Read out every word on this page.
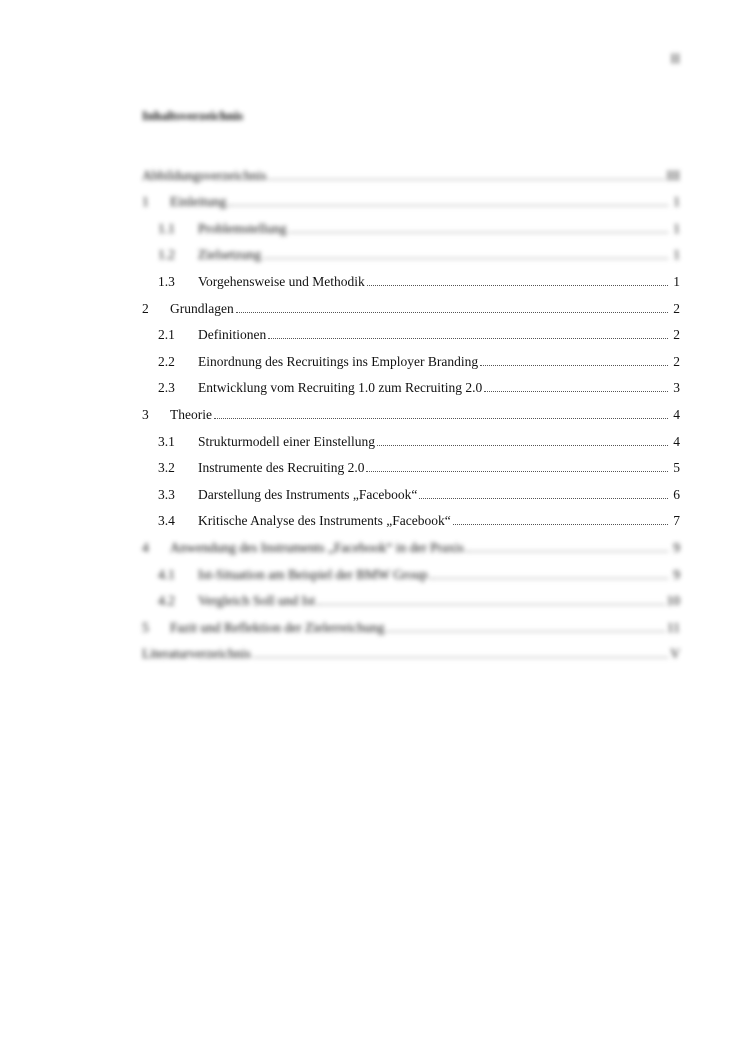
II
Inhaltsverzeichnis
Abbildungsverzeichnis	III
1	Einleitung	1
1.1	Problemstellung	1
1.2	Zielsetzung	1
1.3	Vorgehensweise und Methodik	1
2	Grundlagen	2
2.1	Definitionen	2
2.2	Einordnung des Recruitings ins Employer Branding	2
2.3	Entwicklung vom Recruiting 1.0 zum Recruiting 2.0	3
3	Theorie	4
3.1	Strukturmodell einer Einstellung	4
3.2	Instrumente des Recruiting 2.0	5
3.3	Darstellung des Instruments „Facebook“	6
3.4	Kritische Analyse des Instruments „Facebook“	7
4	Anwendung des Instruments „Facebook“ in der Praxis	9
4.1	Ist-Situation am Beispiel der BMW Group	9
4.2	Vergleich Soll und Ist	10
5	Fazit und Reflektion der Zielerreichung	11
Literaturverzeichnis	V
